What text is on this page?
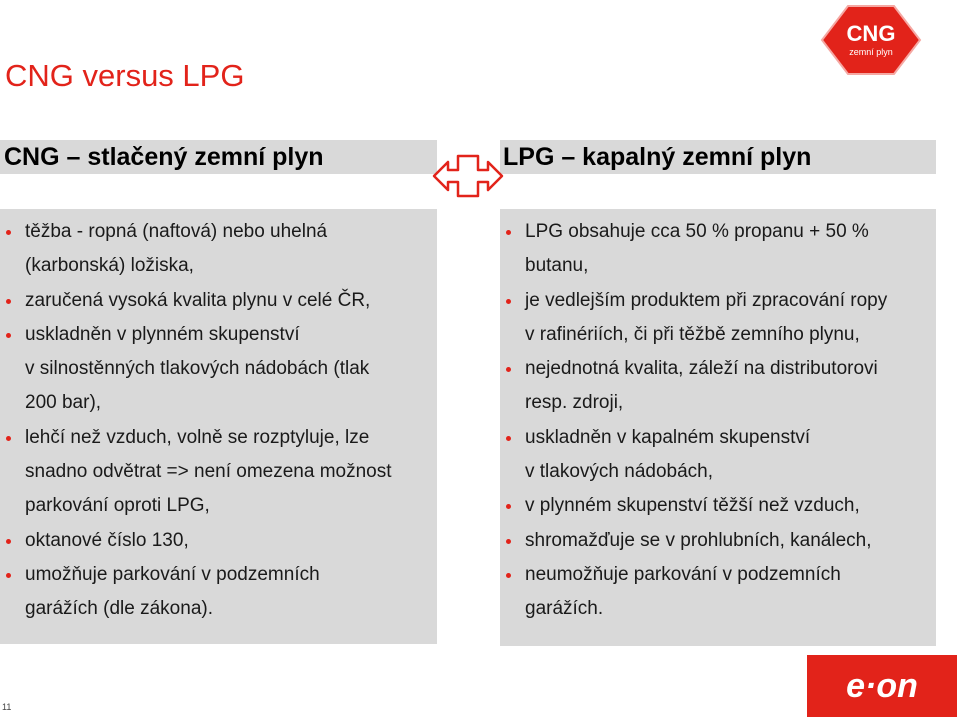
CNG versus LPG
CNG
zemní plyn
CNG – stlačený zemní plyn	LPG – kapalný zemní plyn
těžba - ropná (naftová) nebo uhelná
(karbonská) ložiska,
zaručená vysoká kvalita plynu v celé ČR,
uskladněn v plynném skupenství
v silnostěnných tlakových nádobách (tlak
200 bar),
lehčí než vzduch, volně se rozptyluje, lze
snadno odvětrat => není omezena možnost
parkování oproti LPG,
oktanové číslo 130,
umožňuje parkování v podzemních
garážích (dle zákona).
LPG obsahuje cca 50 % propanu + 50 %
butanu,
je vedlejším produktem při zpracování ropy
v rafinériích, či při těžbě zemního plynu,
nejednotná kvalita, záleží na distributorovi
resp. zdroji,
uskladněn v kapalném skupenství
v tlakových nádobách,
v plynném skupenství těžší než vzduch,
shromažďuje se v prohlubních, kanálech,
neumožňuje parkování v podzemních
garážích.
e·on
11
